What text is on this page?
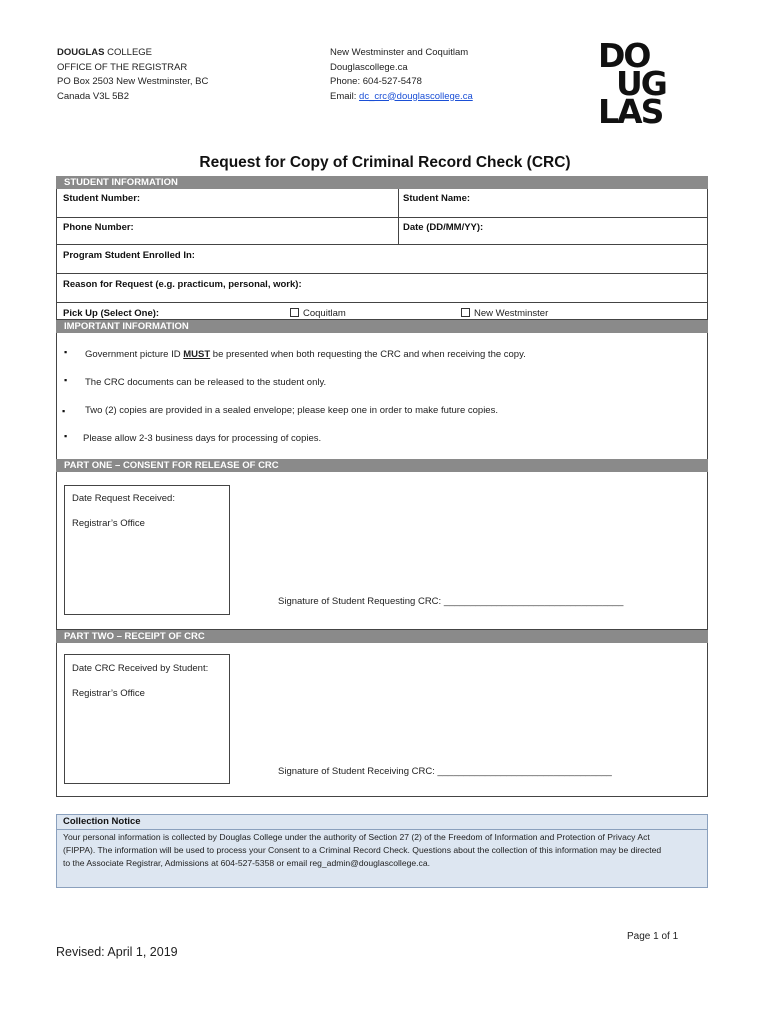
DOUGLAS COLLEGE
OFFICE OF THE REGISTRAR
PO Box 2503 New Westminster, BC
Canada V3L 5B2
New Westminster and Coquitlam
Douglascollege.ca
Phone: 604-527-5478
Email: dc_crc@douglascollege.ca
DO
UG
LAS
Request for Copy of Criminal Record Check (CRC)
STUDENT INFORMATION
Student Number:	Student Name:
Phone Number:	Date (DD/MM/YY):
Program Student Enrolled In:
Reason for Request (e.g. practicum, personal, work):
Pick Up (Select One):	Coquitlam	New Westminster
IMPORTANT INFORMATION
▪ Government picture ID MUST be presented when both requesting the CRC and when receiving the copy.
▪ The CRC documents can be released to the student only.
▪ Two (2) copies are provided in a sealed envelope; please keep one in order to make future copies.
▪ Please allow 2-3 business days for processing of copies.
PART ONE – CONSENT FOR RELEASE OF CRC
Date Request Received:
Registrar’s Office
Signature of Student Requesting CRC: __________________________________
PART TWO – RECEIPT OF CRC
Date CRC Received by Student:
Registrar’s Office
Signature of Student Receiving CRC: _________________________________
Collection Notice
Your personal information is collected by Douglas College under the authority of Section 27 (2) of the Freedom of Information and Protection of Privacy Act (FIPPA). The information will be used to process your Consent to a Criminal Record Check. Questions about the collection of this information may be directed to the Associate Registrar, Admissions at 604-527-5358 or email reg_admin@douglascollege.ca.
Page 1 of 1
Revised: April 1, 2019
